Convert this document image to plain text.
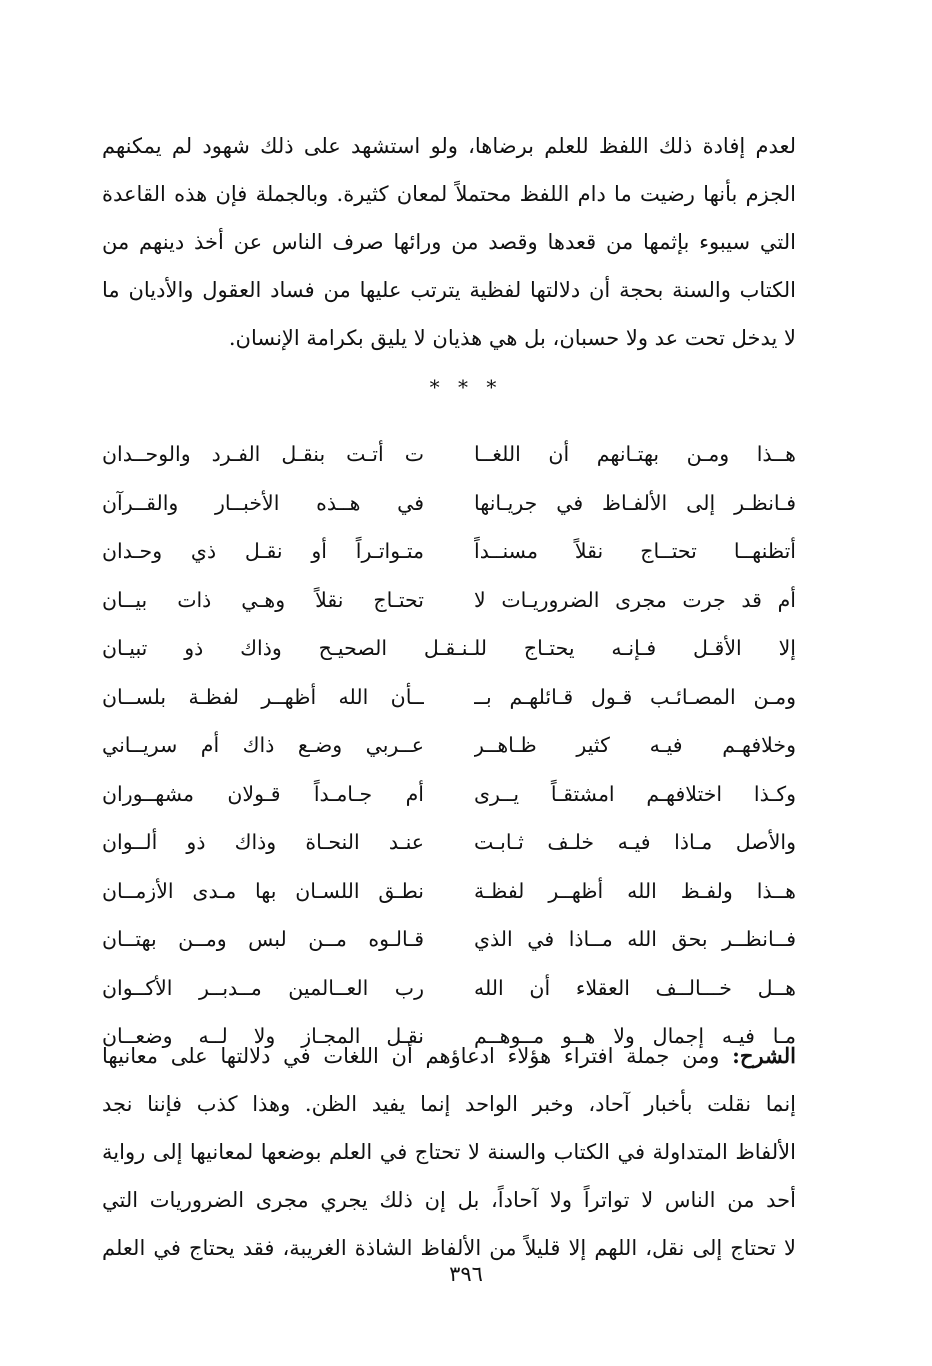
لعدم إفادة ذلك اللفظ للعلم برضاها، ولو استشهد على ذلك شهود لم يمكنهم
الجزم بأنها رضيت ما دام اللفظ محتملاً لمعان كثيرة. وبالجملة فإن هذه القاعدة
التي سيبوء بإثمها من قعدها وقصد من ورائها صرف الناس عن أخذ دينهم من
الكتاب والسنة بحجة أن دلالتها لفظية يترتب عليها من فساد العقول والأديان ما
لا يدخل تحت عد ولا حسبان، بل هي هذيان لا يليق بكرامة الإنسان.
* * *
هــذا ومـن بهتـانهم أن اللغــا
ت أتـت بنقـل الفـرد والوحــدان
فـانظـر إلى الألفـاظ في جريـانها
في هــذه الأخبــار والقــرآن
أتظنهــا تحتــاج نقلاً مسنــداً
متـواتـراً أو نقـل ذي وحـدان
أم قد جرت مجرى الضروريـات لا
تحتـاج نقلاً وهـي ذات بيــان
إلا الأقـل فـإنـه يحتـاج للـنـقـل الصحيـح وذاك ذو تبيـان
ومـن المصـائـب قـول قـائلهـم بــ
ــأن الله أظهــر لفظـة بلســان
وخلافهـم فيـه كثير ظـاهــر
عــربي وضـع ذاك أم سريــاني
وكـذا اختلافهـم امشتقـاً يــرى
أم جـامـداً قـولان مشهــوران
والأصل مـاذا فيـه خلـف ثـابـت
عنـد النحـاة وذاك ذو ألــوان
هــذا ولفـظ الله أظهــر لفظـة
نطـق اللسـان بها مـدى الأزمــان
فــانظــر بحق الله مــاذا في الذي
قـالـوه مــن لبس ومــن بهتــان
هــل خـــالــف العقلاء أن الله
رب العــالمين مــدبــر الأكــوان
مـا فيـه إجمال ولا هــو مــوهــم
نقـل المجـاز ولا لــه وضعــان
الشرح: ومن جملة افتراء هؤلاء ادعاؤهم أن اللغات في دلالتها على معانيها
إنما نقلت بأخبار آحاد، وخبر الواحد إنما يفيد الظن. وهذا كذب فإننا نجد
الألفاظ المتداولة في الكتاب والسنة لا تحتاج في العلم بوضعها لمعانيها إلى رواية
أحد من الناس لا تواتراً ولا آحاداً، بل إن ذلك يجري مجرى الضروريات التي
لا تحتاج إلى نقل، اللهم إلا قليلاً من الألفاظ الشاذة الغريبة، فقد يحتاج في العلم
٣٩٦
